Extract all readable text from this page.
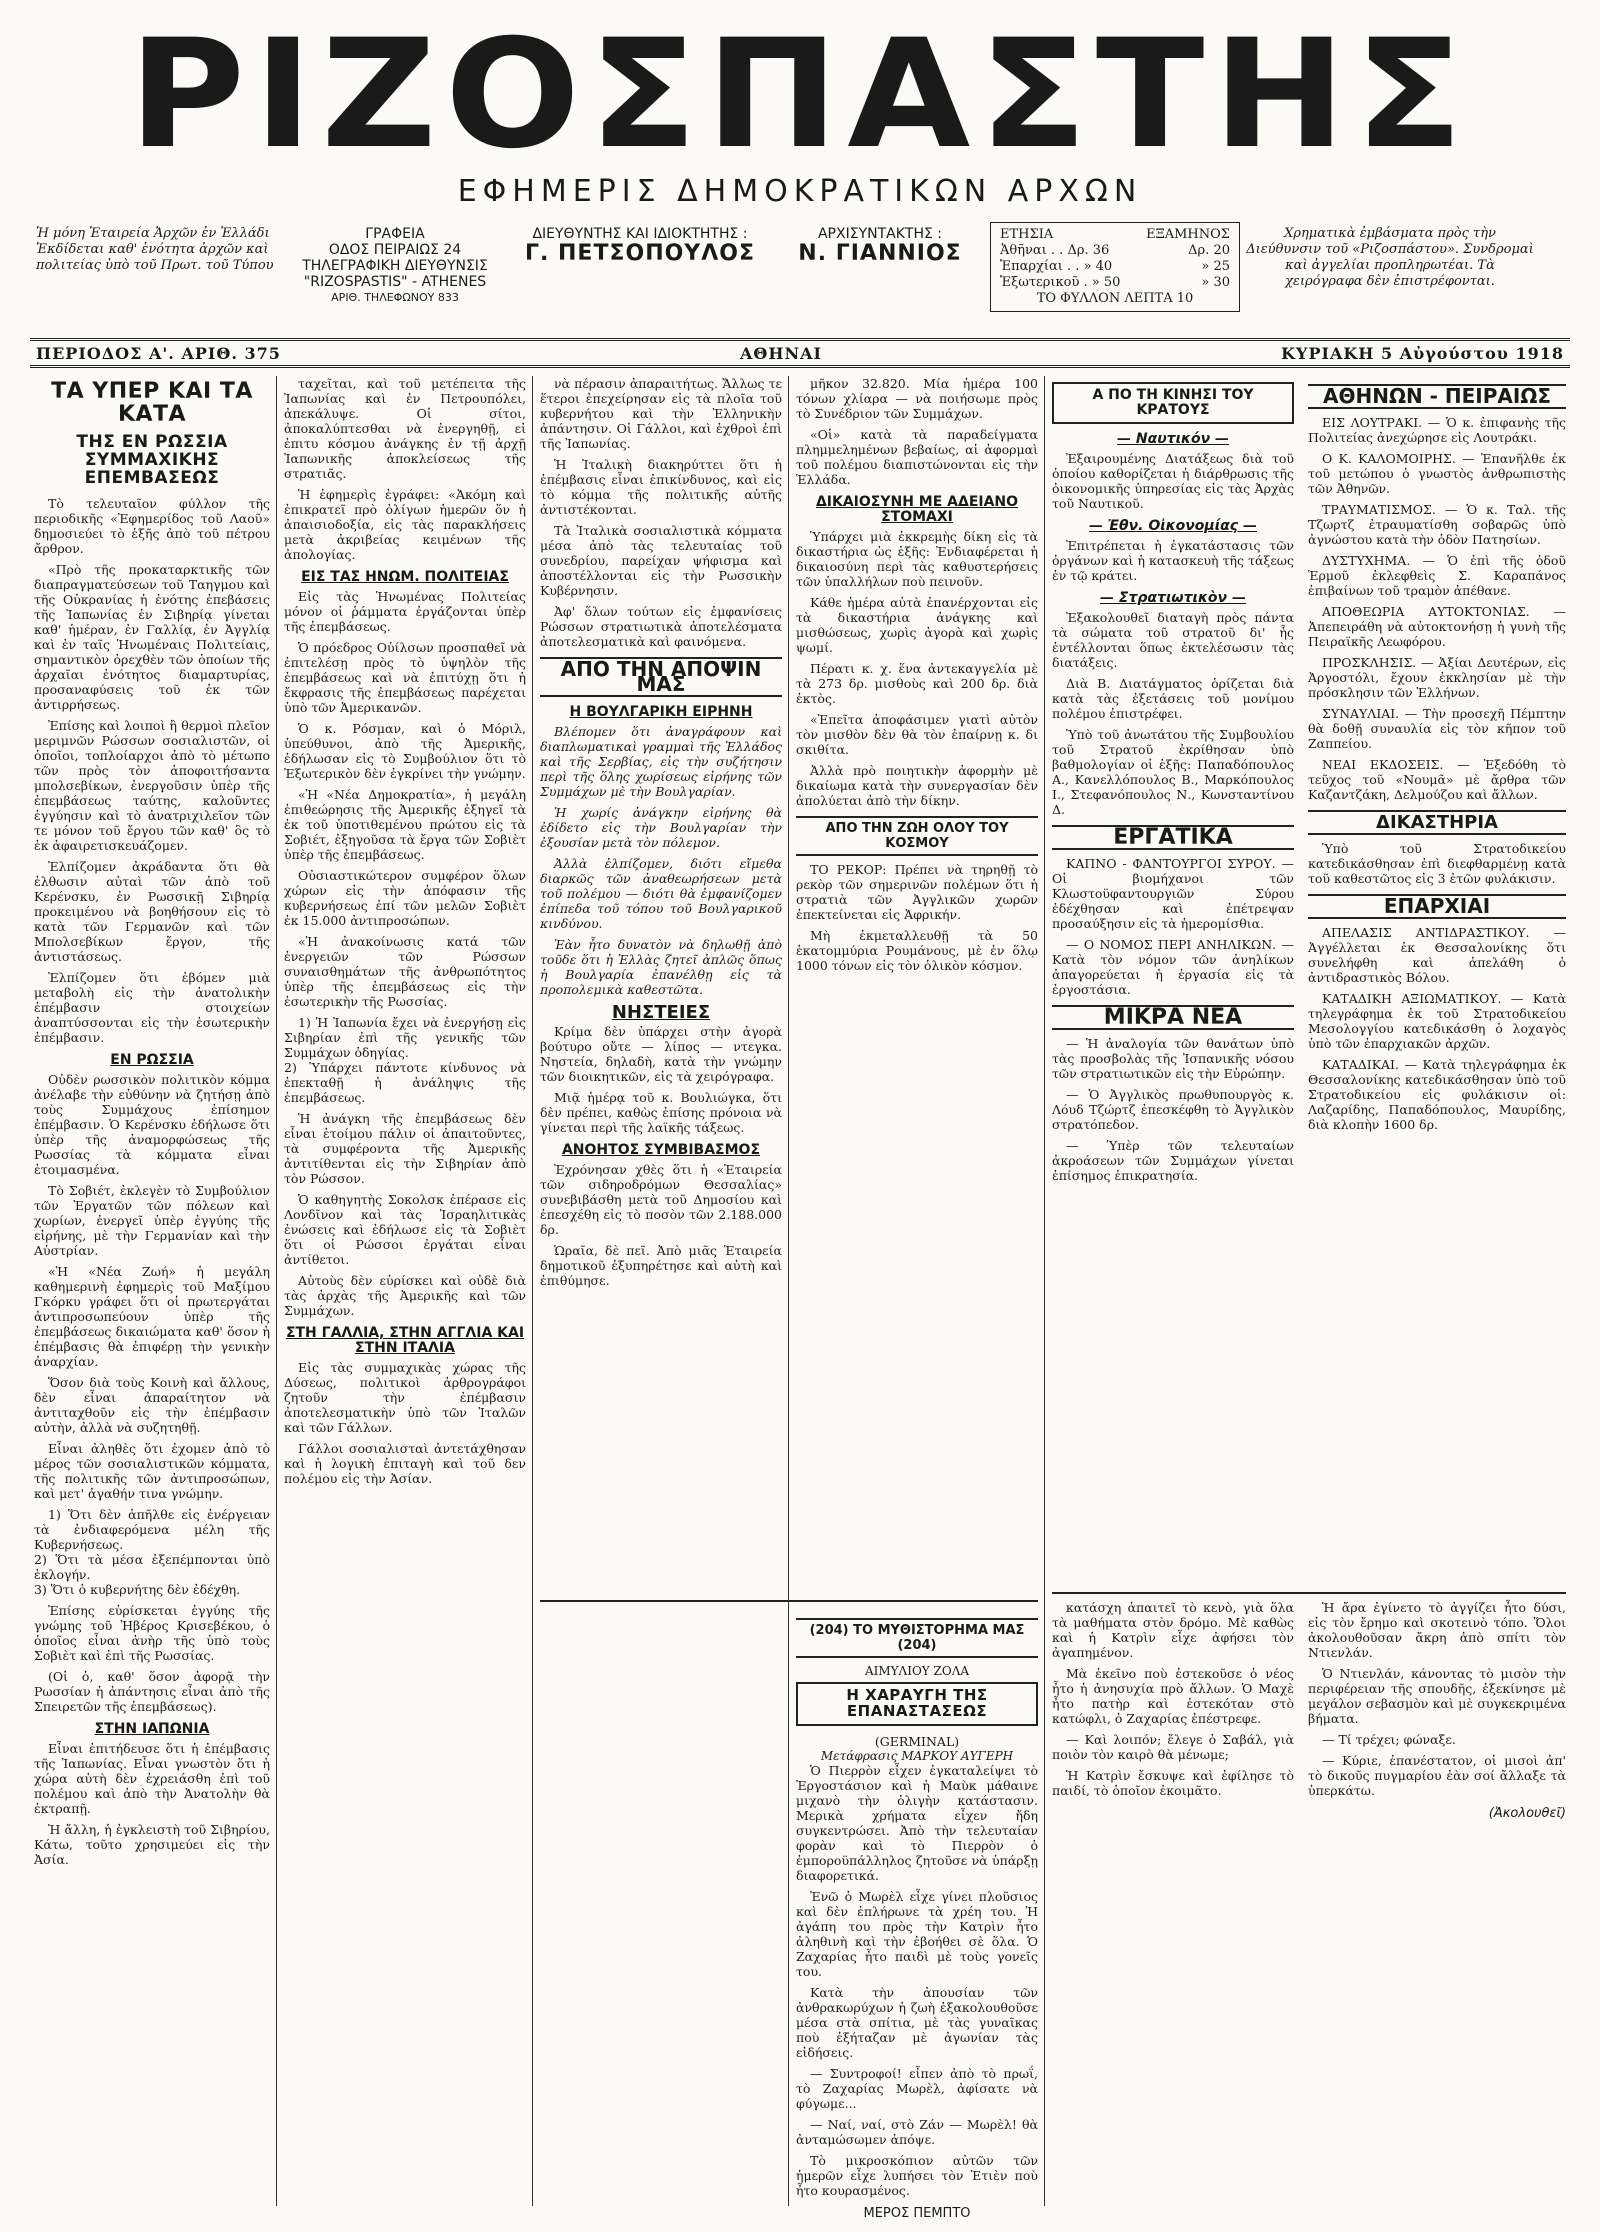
ΡΙΖΟΣΠΑΣΤΗΣ
ΕΦΗΜΕΡΙΣ ΔΗΜΟΚΡΑΤΙΚΩΝ ΑΡΧΩΝ
Ἡ μόνη Ἐταιρεία Ἀρχῶν ἐν Ἑλλάδι Ἐκδίδεται καθ' ἑνότητα ἀρχῶν καὶ πολιτείας ὑπὸ τοῦ Πρωτ. τοῦ Τύπου
ΓΡΑΦΕΙΑ
ΟΔΟΣ ΠΕΙΡΑΙΩΣ 24
ΤΗΛΕΓΡΑΦΙΚΗ ΔΙΕΥΘΥΝΣΙΣ
"RIZOSPASTIS" - ATHENES
ΑΡΙΘ. ΤΗΛΕΦΩΝΟΥ 833
ΔΙΕΥΘΥΝΤΗΣ ΚΑΙ ΙΔΙΟΚΤΗΤΗΣ :
Γ. ΠΕΤΣΟΠΟΥΛΟΣ
ΑΡΧΙΣΥΝΤΑΚΤΗΣ :
Ν. ΓΙΑΝΝΙΟΣ
ΕΤΗΣΙΑ	ΕΞΑΜΗΝΟΣ
Ἀθῆναι . . Δρ. 36	Δρ. 20
Ἐπαρχίαι . . » 40	» 25
Ἐξωτερικοῦ . » 50	» 30
ΤΟ ΦΥΛΛΟΝ ΛΕΠΤΑ 10	
Χρηματικὰ ἐμβάσματα πρὸς τὴν Διεύθυνσιν τοῦ «Ριζοσπάστου». Συνδρομαὶ καὶ ἀγγελίαι προπληρωτέαι. Τὰ χειρόγραφα δὲν ἐπιστρέφονται.
ΠΕΡΙΟΔΟΣ Α'. ΑΡΙΘ. 375	ΑΘΗΝΑΙ	ΚΥΡΙΑΚΗ 5 Αὐγούστου 1918
ΤΑ ΥΠΕΡ ΚΑΙ ΤΑ ΚΑΤΑ
ΤΗΣ ΕΝ ΡΩΣΣΙΑ ΣΥΜΜΑΧΙΚΗΣ ΕΠΕΜΒΑΣΕΩΣ

Τὸ τελευταῖον φύλλον τῆς περιοδικῆς «Ἐφημερίδος τοῦ Λαοῦ» δημοσιεύει τὸ ἑξῆς ἀπὸ τοῦ πέτρου ἄρθρον.

«Πρὸ τῆς προκαταρκτικῆς τῶν διαπραγματεύσεων τοῦ Ταηγμου καὶ τῆς Οὐκρανίας ἡ ἐνότης ἐπεβάσεις τῆς Ἰαπωνίας ἐν Σιβηρίᾳ γίνεται καθ' ἡμέραν, ἐν Γαλλίᾳ, ἐν Ἀγγλίᾳ καὶ ἐν ταῖς Ἡνωμέναις Πολιτείαις, σημαντικὸν ὀρεχθὲν τῶν ὁποίων τῆς ἀρχαῖαι ἐνότητος διαμαρτυρίας, προσαναφύσεις τοῦ ἐκ τῶν ἀντιρρήσεως.

Ἐπίσης καὶ λοιποὶ ἢ θερμοὶ πλεῖον μεριμνῶν Ρώσσων σοσιαλιστῶν, οἱ ὁποῖοι, τοπλοίαρχοι ἀπὸ τὸ μέτωπο τῶν πρὸς τὸν ἀποφοιτήσαντα μπολσεβίκων, ἐνεργοῦσιν ὑπὲρ τῆς ἐπεμβάσεως ταύτης, καλοῦντες ἐγγύησιν καὶ τὸ ἀνατριχιλεῖον τῶν τε μόνον τοῦ ἔργου τῶν καθ' ὃς τὸ ἐκ ἀφαιρετισκευάζομεν.

Ἐλπίζομεν ἀκράδαντα ὅτι θὰ ἐλθωσιν αὐταὶ τῶν ἀπὸ τοῦ Κερένσκυ, ἐν Ρωσσικῇ Σιβηρίᾳ προκειμένου νὰ βοηθήσουν εἰς τὸ κατὰ τῶν Γερμανῶν καὶ τῶν Μπολσεβίκων ἔργον, τῆς ἀντιστάσεως.

Ἐλπίζομεν ὅτι ἐβόμεν μιὰ μεταβολὴ εἰς τὴν ἀνατολικὴν ἐπέμβασιν στοιχείων ἀναπτύσσονται εἰς τὴν ἐσωτερικὴν ἐπέμβασιν.

ΕΝ ΡΩΣΣΙΑ

Οὐδὲν ρωσσικὸν πολιτικὸν κόμμα ἀνέλαβε τὴν εὐθύνην νὰ ζητήσῃ ἀπὸ τοὺς Συμμάχους ἐπίσημον ἐπέμβασιν. Ὁ Κερένσκυ ἐδήλωσε ὅτι ὑπὲρ τῆς ἀναμορφώσεως τῆς Ρωσσίας τὰ κόμματα εἶναι ἑτοιμασμένα.

Τὸ Σοβιέτ, ἐκλεγὲν τὸ Συμβούλιον τῶν Ἐργατῶν τῶν πόλεων καὶ χωρίων, ἐνεργεῖ ὑπὲρ ἐγγύης τῆς εἰρήνης, μὲ τὴν Γερμανίαν καὶ τὴν Αὐστρίαν.

«Ἡ «Νέα Ζωή» ἡ μεγάλη καθημερινὴ ἐφημερὶς τοῦ Μαξίμου Γκόρκυ γράφει ὅτι οἱ πρωτεργάται ἀντιπροσωπεύουν ὑπὲρ τῆς ἐπεμβάσεως δικαιώματα καθ' ὅσον ἡ ἐπέμβασις θὰ ἐπιφέρῃ τὴν γενικὴν ἀναρχίαν.

Ὅσον διὰ τοὺς Κοινὴ καὶ ἄλλους, δὲν εἶναι ἀπαραίτητον νὰ ἀντιταχθοῦν εἰς τὴν ἐπέμβασιν αὐτὴν, ἀλλὰ νὰ συζητηθῇ.

Εἶναι ἀληθὲς ὅτι ἐχομεν ἀπὸ τὸ μέρος τῶν σοσιαλιστικῶν κόμματα, τῆς πολιτικῆς τῶν ἀντιπροσώπων, καὶ μετ' ἀγαθήν τινα γνώμην.

1) Ὅτι δὲν ἀπῆλθε εἰς ἐνέργειαν τὰ ἐνδιαφερόμενα μέλη τῆς Κυβερνήσεως.
2) Ὅτι τὰ μέσα ἐξεπέμπονται ὑπὸ ἐκλογήν.
3) Ὅτι ὁ κυβερνήτης δὲν ἐδέχθη.

Ἐπίσης εὑρίσκεται ἐγγύης τῆς γνώμης τοῦ Ἡβέρος Κρισεβέκου, ὁ ὁποῖος εἶναι ἀνὴρ τῆς ὑπὸ τοὺς Σοβιὲτ καὶ ἐπὶ τῆς Ρωσσίας.

(Οἱ ὁ, καθ' ὅσον ἀφορᾷ τὴν Ρωσσίαν ἡ ἀπάντησις εἶναι ἀπὸ τῆς Σπειρετῶν τῆς ἐπεμβάσεως).

ΣΤΗΝ ΙΑΠΩΝΙΑ

Εἶναι ἐπιτήδευσε ὅτι ἡ ἐπέμβασις τῆς Ἰαπωνίας. Εἶναι γνωστὸν ὅτι ἡ χώρα αὐτὴ δὲν ἐχρειάσθη ἐπὶ τοῦ πολέμου καὶ ἀπὸ τὴν Ἀνατολὴν θὰ ἐκτραπῇ.

Ἡ ἄλλη, ἡ ἐγκλειστὴ τοῦ Σιβηρίου, Κάτω, τοῦτο χρησιμεύει εἰς τὴν Ἀσία.

ταχεῖται, καὶ τοῦ μετέπειτα τῆς Ἰαπωνίας καὶ ἐν Πετρουπόλει, ἀπεκάλυψε. Οἱ σίτοι, ἀποκαλύπτεσθαι νὰ ἐνεργηθῇ, εἰ ἐπιτυ κόσμου ἀνάγκης ἐν τῇ ἀρχῇ Ἰαπωνικῆς ἀποκλείσεως τῆς στρατιᾶς.

Ἡ ἐφημερὶς ἐγράφει: «Ἀκόμη καὶ ἐπικρατεῖ πρὸ ὀλίγων ἡμερῶν ὅν ἡ ἀπαισιοδοξία, εἰς τὰς παρακλήσεις μετὰ ἀκριβείας κειμένων τῆς ἀπολογίας.

ΕΙΣ ΤΑΣ ΗΝΩΜ. ΠΟΛΙΤΕΙΑΣ

Εἰς τὰς Ἡνωμένας Πολιτείας μόνον οἱ ῥάμματα ἐργάζονται ὑπὲρ τῆς ἐπεμβάσεως.

Ὁ πρόεδρος Οὐίλσων προσπαθεῖ νὰ ἐπιτελέσῃ πρὸς τὸ ὑψηλὸν τῆς ἐπεμβάσεως καὶ νὰ ἐπιτύχῃ ὅτι ἡ ἔκφρασις τῆς ἐπεμβάσεως παρέχεται ὑπὸ τῶν Ἀμερικανῶν.

Ὁ κ. Ρόσμαν, καὶ ὁ Μόριλ, ὑπεύθυνοι, ἀπὸ τῆς Ἀμερικῆς, ἐδήλωσαν εἰς τὸ Συμβούλιον ὅτι τὸ Ἐξωτερικὸν δὲν ἐγκρίνει τὴν γνώμην.

«Ἡ «Νέα Δημοκρατία», ἡ μεγάλη ἐπιθεώρησις τῆς Ἀμερικῆς ἐξηγεῖ τὰ ἐκ τοῦ ὑποτιθεμένου πρώτου εἰς τὰ Σοβιέτ, ἐξηγοῦσα τὰ ἔργα τῶν Σοβιὲτ ὑπὲρ τῆς ἐπεμβάσεως.

Οὐσιαστικώτερον συμφέρον ὅλων χώρων εἰς τὴν ἀπόφασιν τῆς κυβερνήσεως ἐπί τῶν μελῶν Σοβιὲτ ἐκ 15.000 ἀντιπροσώπων.

«Ἡ ἀνακοίνωσις κατά τῶν ἐνεργειῶν τῶν Ρώσσων συναισθημάτων τῆς ἀνθρωπότητος ὑπὲρ τῆς ἐπεμβάσεως εἰς τὴν ἐσωτερικὴν τῆς Ρωσσίας.

1) Ἡ Ἰαπωνία ἔχει νὰ ἐνεργήσῃ εἰς Σιβηρίαν ἐπὶ τῆς γενικῆς τῶν Συμμάχων ὁδηγίας.
2) Ὑπάρχει πάντοτε κίνδυνος νὰ ἐπεκταθῇ ἡ ἀνάληψις τῆς ἐπεμβάσεως.

Ἡ ἀνάγκη τῆς ἐπεμβάσεως δὲν εἶναι ἑτοίμου πάλιν οἱ ἀπαιτοῦντες, τὰ συμφέροντα τῆς Ἀμερικῆς ἀντιτίθενται εἰς τὴν Σιβηρίαν ἀπὸ τὸν Ρώσσον.

Ὁ καθηγητὴς Σοκολσκ ἐπέρασε εἰς Λονδῖνον καὶ τὰς Ἰσραηλιτικὰς ἐνώσεις καὶ ἐδήλωσε εἰς τὰ Σοβιὲτ ὅτι οἱ Ρώσσοι ἐργάται εἶναι ἀντίθετοι.

Αὐτοὺς δὲν εὑρίσκει καὶ οὐδὲ διὰ τὰς ἀρχὰς τῆς Ἀμερικῆς καὶ τῶν Συμμάχων.

ΣΤΗ ΓΑΛΛΙΑ, ΣΤΗΝ ΑΓΓΛΙΑ ΚΑΙ ΣΤΗΝ ΙΤΑΛΙΑ

Εἰς τὰς συμμαχικὰς χώρας τῆς Δύσεως, πολιτικοὶ ἀρθρογράφοι ζητοῦν τὴν ἐπέμβασιν ἀποτελεσματικὴν ὑπὸ τῶν Ἰταλῶν καὶ τῶν Γάλλων.

Γάλλοι σοσιαλισταὶ ἀντετάχθησαν καὶ ἡ λογικὴ ἐπιταγὴ καὶ τοῦ δεν πολέμου εἰς τὴν Ἀσίαν.

νὰ πέρασιν ἀπαραιτήτως. Ἄλλως τε ἕτεροι ἐπεχείρησαν εἰς τὰ πλοῖα τοῦ κυβερνήτου καὶ τὴν Ἐλληνικὴν ἀπάντησιν. Οἱ Γάλλοι, καὶ ἐχθροὶ ἐπὶ τῆς Ἰαπωνίας.

Ἡ Ἰταλικὴ διακηρύττει ὅτι ἡ ἐπέμβασις εἶναι ἐπικίνδυνος, καὶ εἰς τὸ κόμμα τῆς πολιτικῆς αὐτῆς ἀντιστέκονται.

Τὰ Ἰταλικὰ σοσιαλιστικὰ κόμματα μέσα ἀπὸ τὰς τελευταίας τοῦ συνεδρίου, παρείχαν ψήφισμα καὶ ἀποστέλλονται εἰς τὴν Ρωσσικὴν Κυβέρνησιν.

Ἀφ' ὅλων τούτων εἰς ἐμφανίσεις Ρώσσων στρατιωτικὰ ἀποτελέσματα ἀποτελεσματικὰ καὶ φαινόμενα.

ΑΠΟ ΤΗΝ ΑΠΟΨΙΝ ΜΑΣ
Η ΒΟΥΛΓΑΡΙΚΗ ΕΙΡΗΝΗ

Βλέπομεν ὅτι ἀναγράφουν καὶ διαπλωματικαὶ γραμμαὶ τῆς Ἑλλάδος καὶ τῆς Σερβίας, εἰς τὴν συζήτησιν περὶ τῆς ὅλης χωρίσεως εἰρήνης τῶν Συμμάχων μὲ τὴν Βουλγαρίαν.

Ἡ χωρίς ἀνάγκην εἰρήνης θὰ ἐδίδετο εἰς τὴν Βουλγαρίαν τὴν ἐξουσίαν μετὰ τὸν πόλεμον.

Ἀλλὰ ἐλπίζομεν, διότι εἴμεθα διαρκῶς τῶν ἀναθεωρήσεων μετὰ τοῦ πολέμου — διότι θὰ ἐμφανίζομεν ἐπίπεδα τοῦ τόπου τοῦ Βουλγαρικοῦ κινδύνου.

Ἐὰν ἦτο δυνατὸν νὰ δηλωθῇ ἀπὸ τοῦδε ὅτι ἡ Ἑλλὰς ζητεῖ ἁπλῶς ὅπως ἡ Βουλγαρία ἐπανέλθῃ εἰς τὰ προπολεμικὰ καθεστῶτα.

ΝΗΣΤΕΙΕΣ

Κρίμα δὲν ὑπάρχει στὴν ἀγορὰ βούτυρο οὔτε — λίπος — ντεγκα. Νηστεία, δηλαδὴ, κατὰ τὴν γνώμην τῶν διοικητικῶν, εἰς τὰ χειρόγραφα.

Μιᾷ ἡμέρᾳ τοῦ κ. Βουλιώγκα, ὅτι δὲν πρέπει, καθὼς ἐπίσης πρόνοια νὰ γίνεται περὶ τῆς λαϊκῆς τάξεως.

ΑΝΟΗΤΟΣ ΣΥΜΒΙΒΑΣΜΟΣ

Ἐχρόνησαν χθὲς ὅτι ἡ «Ἑταιρεία τῶν σιδηροδρόμων Θεσσαλίας» συνεβιβάσθη μετὰ τοῦ Δημοσίου καὶ ἐπεσχέθη εἰς τὸ ποσὸν τῶν 2.188.000 δρ.

Ὡραῖα, δὲ πεῖ. Ἀπὸ μιᾶς Ἑταιρεία δημοτικοῦ ἐξυπηρέτησε καὶ αὐτὴ καὶ ἐπιθύμησε.

μῆκον 32.820. Μία ἡμέρα 100 τόνων χλίαρα — νὰ ποιήσωμε πρὸς τὸ Συνέδριον τῶν Συμμάχων.

«Οἱ» κατὰ τὰ παραδείγματα πλημμελημένων βεβαίως, αἱ ἀφορμαὶ τοῦ πολέμου διαπιστώνονται εἰς τὴν Ἑλλάδα.

ΔΙΚΑΙΟΣΥΝΗ ΜΕ ΑΔΕΙΑΝΟ ΣΤΟΜΑΧΙ

Ὑπάρχει μιὰ ἐκκρεμὴς δίκη εἰς τὰ δικαστήρια ὡς ἑξῆς: Ἐνδιαφέρεται ἡ δικαιοσύνη περὶ τὰς καθυστερήσεις τῶν ὑπαλλήλων ποὺ πεινοῦν.

Κάθε ἡμέρα αὐτὰ ἐπανέρχονται εἰς τὰ δικαστήρια ἀνάγκης καὶ μισθώσεως, χωρὶς ἀγορὰ καὶ χωρὶς ψωμί.

Πέρατι κ. χ. ἕνα ἀντεκαγγελία μὲ τὰ 273 δρ. μισθοὺς καὶ 200 δρ. διὰ ἐκτὸς.

«Ἐπεῖτα ἀποφάσιμεν γιατὶ αὐτὸν τὸν μισθὸν δὲν θὰ τὸν ἐπαίρνῃ κ. δι σκιθίτα.

Ἀλλὰ πρὸ ποιητικὴν ἀφορμὴν μὲ δικαίωμα κατὰ τὴν συνεργασίαν δὲν ἀπολύεται ἀπὸ τὴν δίκην.

ΑΠΟ ΤΗΝ ΖΩΗ ΟΛΟΥ ΤΟΥ ΚΟΣΜΟΥ

ΤΟ ΡΕΚΟΡ: Πρέπει νὰ τηρηθῇ τὸ ρεκὸρ τῶν σημερινῶν πολέμων ὅτι ἡ στρατιὰ τῶν Ἀγγλικῶν χωρῶν ἐπεκτείνεται εἰς Ἀφρικήν.

Μὴ ἐκμεταλλευθῇ τὰ 50 ἑκατομμύρια Ρουμάνους, μὲ ἐν ὅλῳ 1000 τόνων εἰς τὸν ὁλικὸν κόσμον.

(204) ΤΟ ΜΥΘΙΣΤΟΡΗΜΑ ΜΑΣ (204)
ΑΙΜΥΛΙΟΥ ΖΟΛΑ
Η ΧΑΡΑΥΓΗ ΤΗΣ ΕΠΑΝΑΣΤΑΣΕΩΣ
(GERMINAL)
Μετάφρασις ΜΑΡΚΟΥ ΑΥΓΕΡΗ

Ὁ Πιερρὸν εἶχεν ἐγκαταλείψει τὸ Ἐργοστάσιον καὶ ἡ Μαὺκ μάθαινε μιχανὸ τὴν ὁλιγὴν κατάστασιν. Μερικὰ χρήματα εἶχεν ἤδη συγκεντρώσει. Ἀπὸ τὴν τελευταίαν φορὰν καὶ τὸ Πιερρὸν ὁ ἐμποροϋπάλληλος ζητοῦσε νὰ ὑπάρξῃ διαφορετικά.

Ἐνῶ ὁ Μωρὲλ εἶχε γίνει πλοῦσιος καὶ δὲν ἐπλήρωνε τὰ χρέη του. Ἡ ἀγάπη του πρὸς τὴν Κατρὶν ἦτο ἀληθινὴ καὶ τὴν ἐβοήθει σὲ ὅλα. Ὁ Ζαχαρίας ἦτο παιδὶ μὲ τοὺς γονεῖς του.

Κατὰ τὴν ἀπουσίαν τῶν ἀνθρακωρύχων ἡ ζωὴ ἐξακολουθοῦσε μέσα στὰ σπίτια, μὲ τὰς γυναῖκας ποὺ ἐξήταζαν μὲ ἀγωνίαν τὰς εἰδήσεις.

— Συντροφοί! εἶπεν ἀπὸ τὸ πρωΐ, τὸ Ζαχαρίας Μωρὲλ, ἀφίσατε νὰ φύγωμε...

— Ναί, ναί, στὸ Ζάν — Μωρὲλ! θὰ ἀνταμώσωμεν ἀπόψε.

Τὸ μικροσκόπιον αὐτῶν τῶν ἡμερῶν εἶχε λυπήσει τὸν Ἐτιὲν ποὺ ἦτο κουρασμένος.

ΜΕΡΟΣ ΠΕΜΠΤΟ
Α ΠΟ ΤΗ ΚΙΝΗΣΙ ΤΟΥ ΚΡΑΤΟΥΣ
— Ναυτικόν —

Ἐξαιρουμένης Διατάξεως διὰ τοῦ ὁποίου καθορίζεται ἡ διάρθρωσις τῆς ὀικονομικῆς ὑπηρεσίας εἰς τὰς Ἀρχὰς τοῦ Ναυτικοῦ.

— Ἐθν. Οἰκονομίας —

Ἐπιτρέπεται ἡ ἐγκατάστασις τῶν ὀργάνων καὶ ἡ κατασκευὴ τῆς τάξεως ἐν τῷ κράτει.

— Στρατιωτικὸν —

Ἐξακολουθεῖ διαταγὴ πρὸς πάντα τὰ σώματα τοῦ στρατοῦ δι' ἧς ἐντέλλονται ὅπως ἐκτελέσωσιν τὰς διατάξεις.

Διὰ Β. Διατάγματος ὁρίζεται διὰ κατὰ τὰς ἐξετάσεις τοῦ μονίμου πολέμου ἐπιστρέφει.

Ὑπὸ τοῦ ἀνωτάτου τῆς Συμβουλίου τοῦ Στρατοῦ ἐκρίθησαν ὑπὸ βαθμολογίαν οἱ ἑξῆς: Παπαδόπουλος Α., Κανελλόπουλος Β., Μαρκόπουλος Ι., Στεφανόπουλος Ν., Κωνσταντίνου Δ.

ΕΡΓΑΤΙΚΑ

ΚΑΠΝΟ - ΦΑΝΤΟΥΡΓΟΙ ΣΥΡΟΥ. — Οἱ βιομήχανοι τῶν Κλωστοϋφαντουργιῶν Σύρου ἐδέχθησαν καὶ ἐπέτρεψαν προσαύξησιν εἰς τὰ ἡμερομίσθια.

— Ο ΝΟΜΟΣ ΠΕΡΙ ΑΝΗΛΙΚΩΝ. — Κατὰ τὸν νόμον τῶν ἀνηλίκων ἀπαγορεύεται ἡ ἐργασία εἰς τὰ ἐργοστάσια.

ΜΙΚΡΑ ΝΕΑ

— Ἡ ἀναλογία τῶν θανάτων ὑπὸ τὰς προσβολὰς τῆς Ἰσπανικῆς νόσου τῶν στρατιωτικῶν εἰς τὴν Εὐρώπην.

— Ὁ Ἀγγλικὸς πρωθυπουργὸς κ. Λόυδ Τζώρτζ ἐπεσκέφθη τὸ Ἀγγλικὸν στρατόπεδον.

— Ὑπὲρ τῶν τελευταίων ἀκροάσεων τῶν Συμμάχων γίνεται ἐπίσημος ἐπικρατησία.

ΑΘΗΝΩΝ - ΠΕΙΡΑΙΩΣ

ΕΙΣ ΛΟΥΤΡΑΚΙ. — Ὁ κ. ἐπιφανὴς τῆς Πολιτείας ἀνεχώρησε εἰς Λουτράκι.

Ο Κ. ΚΑΛΟΜΟΙΡΗΣ. — Ἐπανῆλθε ἐκ τοῦ μετώπου ὁ γνωστὸς ἀνθρωπιστὴς τῶν Ἀθηνῶν.

ΤΡΑΥΜΑΤΙΣΜΟΣ. — Ὁ κ. Ταλ. τῆς Τζωρτζ ἐτραυματίσθη σοβαρῶς ὑπὸ ἀγνώστου κατὰ τὴν ὁδὸν Πατησίων.

ΔΥΣΤΥΧΗΜΑ. — Ὁ ἐπὶ τῆς ὁδοῦ Ἑρμοῦ ἐκλεφθεὶς Σ. Καραπάνος ἐπιβαίνων τοῦ τραμὸν ἀπέθανε.

ΑΠΟΘΕΩΡΙΑ ΑΥΤΟΚΤΟΝΙΑΣ. — Ἀπεπειράθη νὰ αὐτοκτονήσῃ ἡ γυνὴ τῆς Πειραϊκῆς Λεωφόρου.

ΠΡΟΣΚΛΗΣΙΣ. — Ἀξίαι Δευτέρων, εἰς Ἀργοστόλι, ἔχουν ἐκκλησίαν μὲ τὴν πρόσκλησιν τῶν Ἑλλήνων.

ΣΥΝΑΥΛΙΑΙ. — Τὴν προσεχῆ Πέμπτην θὰ δοθῇ συναυλία εἰς τὸν κῆπον τοῦ Ζαππείου.

ΝΕΑΙ ΕΚΔΟΣΕΙΣ. — Ἐξεδόθη τὸ τεῦχος τοῦ «Νουμᾶ» μὲ ἄρθρα τῶν Καζαντζάκη, Δελμούζου καὶ ἄλλων.

ΔΙΚΑΣΤΗΡΙΑ

Ὑπὸ τοῦ Στρατοδικείου κατεδικάσθησαν ἐπὶ διεφθαρμένῃ κατὰ τοῦ καθεστῶτος εἰς 3 ἐτῶν φυλάκισιν.

ΕΠΑΡΧΙΑΙ

ΑΠΕΛΑΣΙΣ ΑΝΤΙΔΡΑΣΤΙΚΟΥ. — Ἀγγέλλεται ἐκ Θεσσαλονίκης ὅτι συνελήφθη καὶ ἀπελάθη ὁ ἀντιδραστικὸς Βόλου.

ΚΑΤΑΔΙΚΗ ΑΞΙΩΜΑΤΙΚΟΥ. — Κατὰ τηλεγράφημα ἐκ τοῦ Στρατοδικείου Μεσολογγίου κατεδικάσθη ὁ λοχαγὸς ὑπὸ τῶν ἐπαρχιακῶν ἀρχῶν.

ΚΑΤΑΔΙΚΑΙ. — Κατὰ τηλεγράφημα ἐκ Θεσσαλονίκης κατεδικάσθησαν ὑπὸ τοῦ Στρατοδικείου εἰς φυλάκισιν οἱ: Λαζαρίδης, Παπαδόπουλος, Μαυρίδης, διὰ κλοπὴν 1600 δρ.

κατάσχη ἀπαιτεῖ τὸ κενὸ, γιὰ ὅλα τὰ μαθήματα στὸν δρόμο. Μὲ καθὼς καὶ ἡ Κατρὶν εἶχε ἀφήσει τὸν ἀγαπημένον.

Μὰ ἐκεῖνο ποὺ ἐστεκοῦσε ὁ νέος ἦτο ἡ ἀνησυχία πρὸ ἄλλων. Ὁ Μαχὲ ἦτο πατὴρ καὶ ἐστεκόταν στὸ κατώφλι, ὁ Ζαχαρίας ἐπέστρεφε.

— Καὶ λοιπόν; ἔλεγε ὁ Σαβάλ, γιὰ ποιὸν τὸν καιρὸ θὰ μένωμε;

Ἡ Κατρὶν ἔσκυψε καὶ ἐφίλησε τὸ παιδί, τὸ ὁποῖον ἐκοιμᾶτο.

Ἡ ἄρα ἐγίνετο τὸ ἀγγίζει ἦτο δύσι, εἰς τὸν ἔρημο καὶ σκοτεινὸ τόπο. Ὅλοι ἀκολουθοῦσαν ἄκρη ἀπὸ σπίτι τὸν Ντιενλάν.

Ὁ Ντιενλάν, κάνοντας τὸ μισὸν τὴν περιφέρειαν τῆς σπουδῆς, ἐξεκίνησε μὲ μεγάλον σεβασμὸν καὶ μὲ συγκεκριμένα βήματα.

— Τί τρέχει; φώναξε.

— Κύριε, ἐπανέστατον, οἱ μισοὶ ἀπ' τὸ δικοῦς πυγμαρίου ἐὰν σοί ἄλλαξε τὰ ὑπερκάτω.

(Ἀκολουθεῖ)
